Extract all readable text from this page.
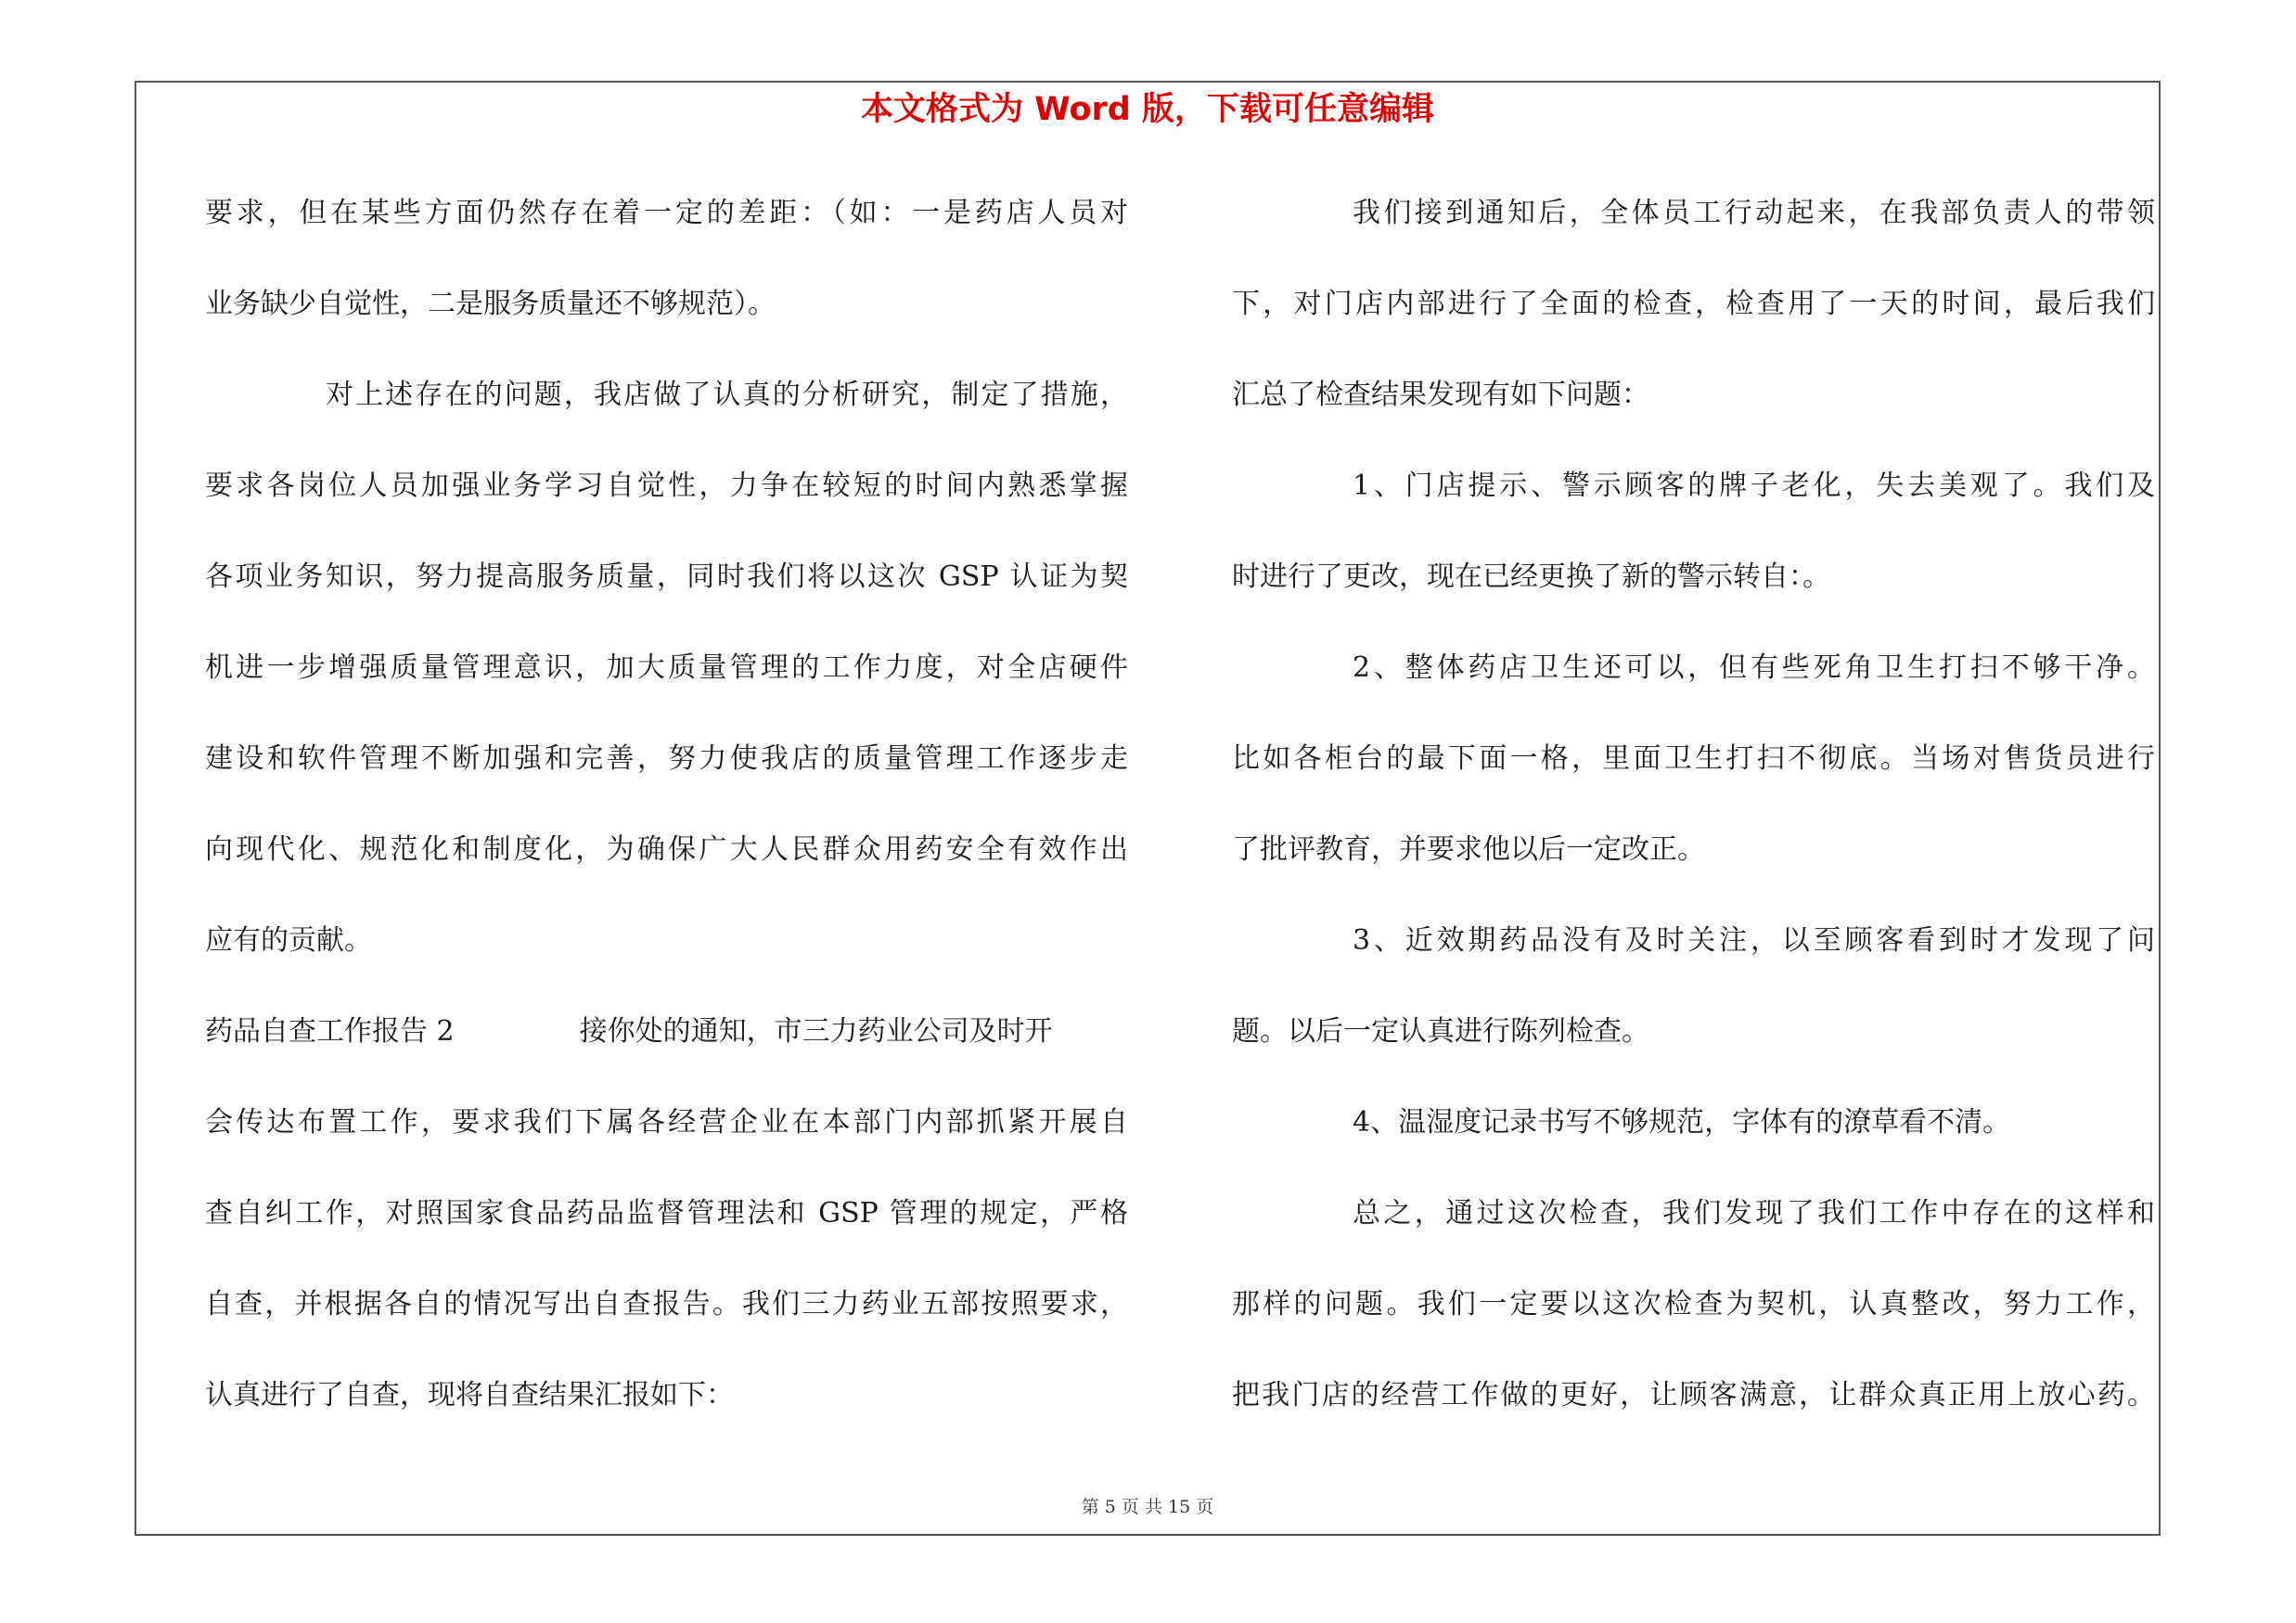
本文格式为 Word 版，下载可任意编辑
要求，但在某些方面仍然存在着一定的差距：（如：一是药店人员对
业务缺少自觉性，二是服务质量还不够规范）。
对上述存在的问题，我店做了认真的分析研究，制定了措施，
要求各岗位人员加强业务学习自觉性，力争在较短的时间内熟悉掌握
各项业务知识，努力提高服务质量，同时我们将以这次 GSP 认证为契
机进一步增强质量管理意识，加大质量管理的工作力度，对全店硬件
建设和软件管理不断加强和完善，努力使我店的质量管理工作逐步走
向现代化、规范化和制度化，为确保广大人民群众用药安全有效作出
应有的贡献。
药品自查工作报告 2	接你处的通知，市三力药业公司及时开
会传达布置工作，要求我们下属各经营企业在本部门内部抓紧开展自
查自纠工作，对照国家食品药品监督管理法和 GSP 管理的规定，严格
自查，并根据各自的情况写出自查报告。我们三力药业五部按照要求，
认真进行了自查，现将自查结果汇报如下：
我们接到通知后，全体员工行动起来，在我部负责人的带领
下，对门店内部进行了全面的检查，检查用了一天的时间，最后我们
汇总了检查结果发现有如下问题：
1、门店提示、警示顾客的牌子老化，失去美观了。我们及
时进行了更改，现在已经更换了新的警示转自：。
2、整体药店卫生还可以，但有些死角卫生打扫不够干净。
比如各柜台的最下面一格，里面卫生打扫不彻底。当场对售货员进行
了批评教育，并要求他以后一定改正。
3、近效期药品没有及时关注，以至顾客看到时才发现了问
题。以后一定认真进行陈列检查。
4、温湿度记录书写不够规范，字体有的潦草看不清。
总之，通过这次检查，我们发现了我们工作中存在的这样和
那样的问题。我们一定要以这次检查为契机，认真整改，努力工作，
把我门店的经营工作做的更好，让顾客满意，让群众真正用上放心药。
第 5 页 共 15 页
